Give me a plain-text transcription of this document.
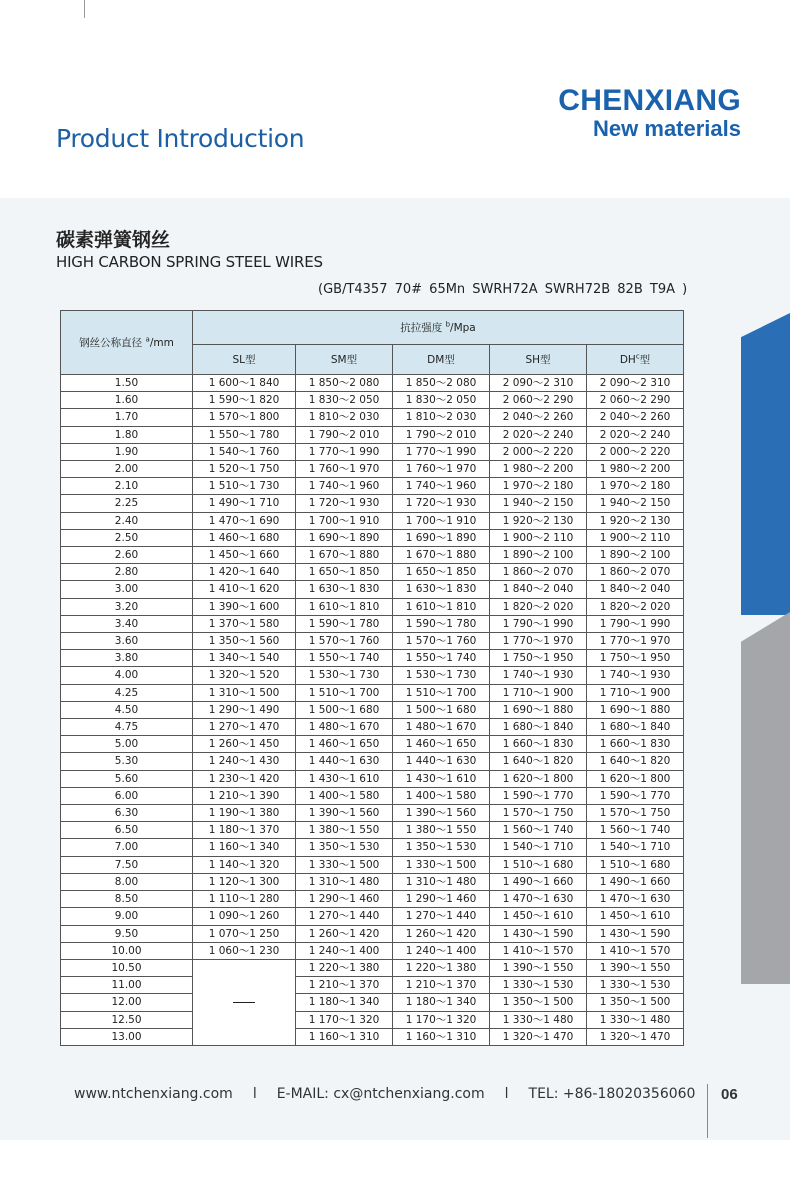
Product Introduction
CHENXIANG
New materials
碳素弹簧钢丝
HIGH CARBON SPRING STEEL WIRES
(GB/T4357 70# 65Mn SWRH72A SWRH72B 82B T9A )
钢丝公称直径 $^a$/mm	抗拉强度 $^b$/Mpa				
	SL型	SM型	DM型	SH型	$DH^c$型
1.50	1 600～1 840	1 850～2 080	1 850～2 080	2 090～2 310	2 090～2 310
1.60	1 590～1 820	1 830～2 050	1 830～2 050	2 060～2 290	2 060～2 290
1.70	1 570～1 800	1 810～2 030	1 810～2 030	2 040～2 260	2 040～2 260
1.80	1 550～1 780	1 790～2 010	1 790～2 010	2 020～2 240	2 020～2 240
1.90	1 540～1 760	1 770～1 990	1 770～1 990	2 000～2 220	2 000～2 220
2.00	1 520～1 750	1 760～1 970	1 760～1 970	1 980～2 200	1 980～2 200
2.10	1 510～1 730	1 740～1 960	1 740～1 960	1 970～2 180	1 970～2 180
2.25	1 490～1 710	1 720～1 930	1 720～1 930	1 940～2 150	1 940～2 150
2.40	1 470～1 690	1 700～1 910	1 700～1 910	1 920～2 130	1 920～2 130
2.50	1 460～1 680	1 690～1 890	1 690～1 890	1 900～2 110	1 900～2 110
2.60	1 450～1 660	1 670～1 880	1 670～1 880	1 890～2 100	1 890～2 100
2.80	1 420～1 640	1 650～1 850	1 650～1 850	1 860～2 070	1 860～2 070
3.00	1 410～1 620	1 630～1 830	1 630～1 830	1 840～2 040	1 840～2 040
3.20	1 390～1 600	1 610～1 810	1 610～1 810	1 820～2 020	1 820～2 020
3.40	1 370～1 580	1 590～1 780	1 590～1 780	1 790～1 990	1 790～1 990
3.60	1 350～1 560	1 570～1 760	1 570～1 760	1 770～1 970	1 770～1 970
3.80	1 340～1 540	1 550～1 740	1 550～1 740	1 750～1 950	1 750～1 950
4.00	1 320～1 520	1 530～1 730	1 530～1 730	1 740～1 930	1 740～1 930
4.25	1 310～1 500	1 510～1 700	1 510～1 700	1 710～1 900	1 710～1 900
4.50	1 290～1 490	1 500～1 680	1 500～1 680	1 690～1 880	1 690～1 880
4.75	1 270～1 470	1 480～1 670	1 480～1 670	1 680～1 840	1 680～1 840
5.00	1 260～1 450	1 460～1 650	1 460～1 650	1 660～1 830	1 660～1 830
5.30	1 240～1 430	1 440～1 630	1 440～1 630	1 640～1 820	1 640～1 820
5.60	1 230～1 420	1 430～1 610	1 430～1 610	1 620～1 800	1 620～1 800
6.00	1 210～1 390	1 400～1 580	1 400～1 580	1 590～1 770	1 590～1 770
6.30	1 190～1 380	1 390～1 560	1 390～1 560	1 570～1 750	1 570～1 750
6.50	1 180～1 370	1 380～1 550	1 380～1 550	1 560～1 740	1 560～1 740
7.00	1 160～1 340	1 350～1 530	1 350～1 530	1 540～1 710	1 540～1 710
7.50	1 140～1 320	1 330～1 500	1 330～1 500	1 510～1 680	1 510～1 680
8.00	1 120～1 300	1 310～1 480	1 310～1 480	1 490～1 660	1 490～1 660
8.50	1 110～1 280	1 290～1 460	1 290～1 460	1 470～1 630	1 470～1 630
9.00	1 090～1 260	1 270～1 440	1 270～1 440	1 450～1 610	1 450～1 610
9.50	1 070～1 250	1 260～1 420	1 260～1 420	1 430～1 590	1 430～1 590
10.00	1 060～1 230	1 240～1 400	1 240～1 400	1 410～1 570	1 410～1 570
10.50		1 220～1 380	1 220～1 380	1 390～1 550	1 390～1 550
11.00		1 210～1 370	1 210～1 370	1 330～1 530	1 330～1 530
12.00		1 180～1 340	1 180～1 340	1 350～1 500	1 350～1 500
12.50		1 170～1 320	1 170～1 320	1 330～1 480	1 330～1 480
13.00		1 160～1 310	1 160～1 310	1 320～1 470	1 320～1 470
www.ntchenxiang.com l E-MAIL: cx@ntchenxiang.com l TEL: +86-18020356060 06
